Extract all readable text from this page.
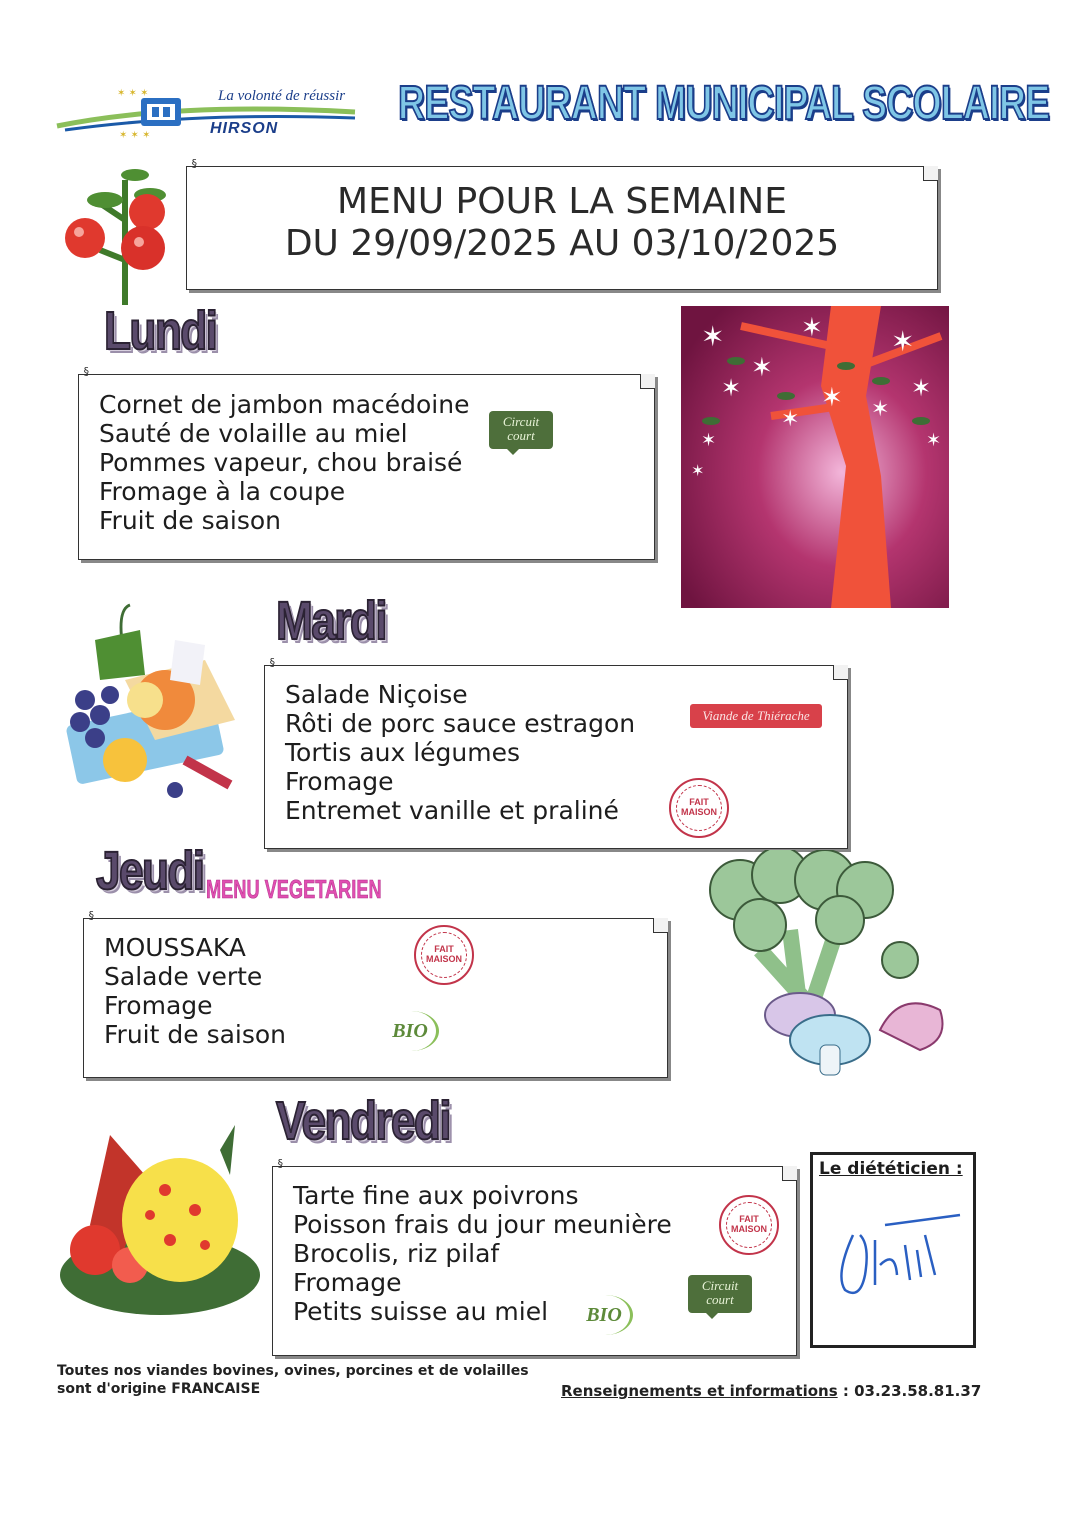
✶ ✶ ✶
✶ ✶ ✶
La volonté de réussir
HIRSON RESTAURANT MUNICIPAL SCOLAIRE
§
MENU POUR LA SEMAINE
DU 29/09/2025 AU 03/10/2025
Lundi
§
Cornet de jambon macédoine
Sauté de volaille au miel
Pommes vapeur, chou braisé
Fromage à la coupe
Fruit de saison
Circuit
court
✶
✶
✶ ✶
✶	✶	✶
✶
✶	✶
✶
✶
Mardi
§
Salade Niçoise
Rôti de porc sauce estragon
Tortis aux légumes
Fromage
Entremet vanille et praliné
Viande de Thiérache
FAIT
MAISON
Jeudi MENU VEGETARIEN
§
MOUSSAKA
Salade verte
Fromage
Fruit de saison
FAIT
MAISON
BIO
Vendredi
§
Tarte fine aux poivrons
Poisson frais du jour meunière
Brocolis, riz pilaf
Fromage
Petits suisse au miel
FAIT
MAISON
Circuit
court
BIO
Le diététicien :
Toutes nos viandes bovines, ovines, porcines et de volailles
sont d'origine FRANCAISE	Renseignements et informations : 03.23.58.81.37
